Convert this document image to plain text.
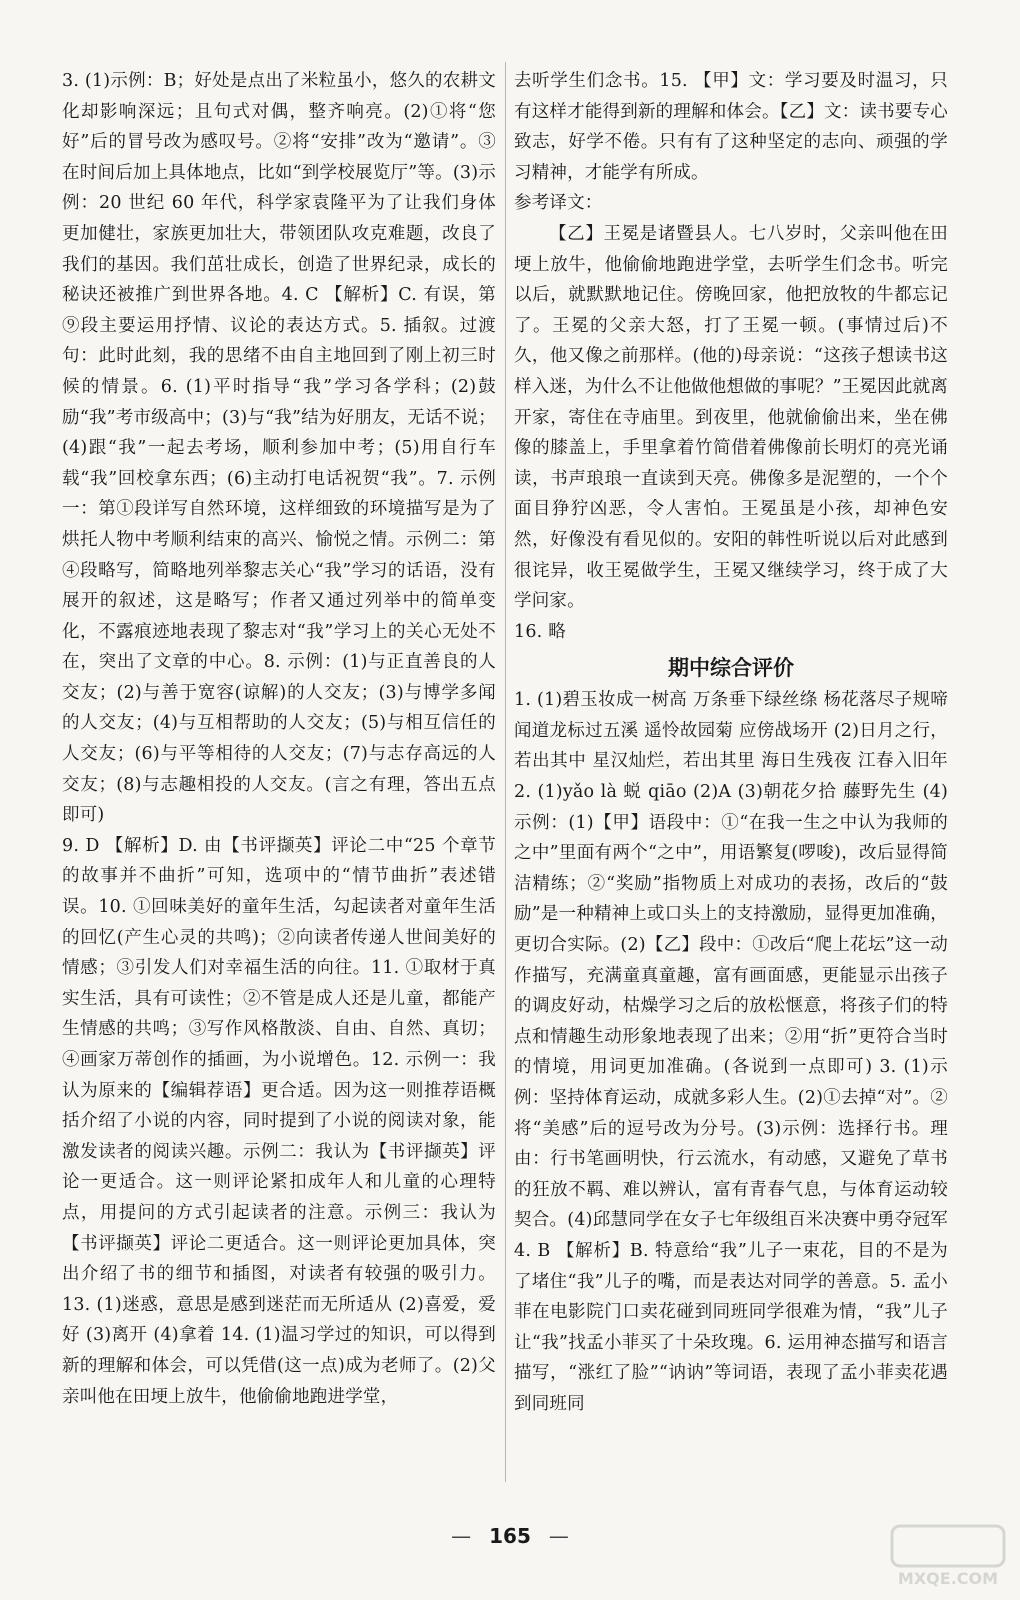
3. (1)示例：B；好处是点出了米粒虽小，悠久的农耕文化却影响深远；且句式对偶，整齐响亮。(2)①将“您好”后的冒号改为感叹号。②将“安排”改为“邀请”。③在时间后加上具体地点，比如“到学校展览厅”等。(3)示例：20 世纪 60 年代，科学家袁隆平为了让我们身体更加健壮，家族更加壮大，带领团队攻克难题，改良了我们的基因。我们茁壮成长，创造了世界纪录，成长的秘诀还被推广到世界各地。4. C 【解析】C. 有误，第⑨段主要运用抒情、议论的表达方式。5. 插叙。过渡句：此时此刻，我的思绪不由自主地回到了刚上初三时候的情景。6. (1)平时指导“我”学习各学科；(2)鼓励“我”考市级高中；(3)与“我”结为好朋友，无话不说；(4)跟“我”一起去考场，顺利参加中考；(5)用自行车载“我”回校拿东西；(6)主动打电话祝贺“我”。7. 示例一：第①段详写自然环境，这样细致的环境描写是为了烘托人物中考顺利结束的高兴、愉悦之情。示例二：第④段略写，简略地列举黎志关心“我”学习的话语，没有展开的叙述，这是略写；作者又通过列举中的简单变化，不露痕迹地表现了黎志对“我”学习上的关心无处不在，突出了文章的中心。8. 示例：(1)与正直善良的人交友；(2)与善于宽容(谅解)的人交友；(3)与博学多闻的人交友；(4)与互相帮助的人交友；(5)与相互信任的人交友；(6)与平等相待的人交友；(7)与志存高远的人交友；(8)与志趣相投的人交友。(言之有理，答出五点即可)

9. D 【解析】D. 由【书评撷英】评论二中“25 个章节的故事并不曲折”可知，选项中的“情节曲折”表述错误。10. ①回味美好的童年生活，勾起读者对童年生活的回忆(产生心灵的共鸣)；②向读者传递人世间美好的情感；③引发人们对幸福生活的向往。11. ①取材于真实生活，具有可读性；②不管是成人还是儿童，都能产生情感的共鸣；③写作风格散淡、自由、自然、真切；④画家万蒂创作的插画，为小说增色。12. 示例一：我认为原来的【编辑荐语】更合适。因为这一则推荐语概括介绍了小说的内容，同时提到了小说的阅读对象，能激发读者的阅读兴趣。示例二：我认为【书评撷英】评论一更适合。这一则评论紧扣成年人和儿童的心理特点，用提问的方式引起读者的注意。示例三：我认为【书评撷英】评论二更适合。这一则评论更加具体，突出介绍了书的细节和插图，对读者有较强的吸引力。13. (1)迷惑，意思是感到迷茫而无所适从 (2)喜爱，爱好 (3)离开 (4)拿着 14. (1)温习学过的知识，可以得到新的理解和体会，可以凭借(这一点)成为老师了。(2)父亲叫他在田埂上放牛，他偷偷地跑进学堂，

去听学生们念书。15. 【甲】文：学习要及时温习，只有这样才能得到新的理解和体会。【乙】文：读书要专心致志，好学不倦。只有有了这种坚定的志向、顽强的学习精神，才能学有所成。

参考译文：

【乙】王冕是诸暨县人。七八岁时，父亲叫他在田埂上放牛，他偷偷地跑进学堂，去听学生们念书。听完以后，就默默地记住。傍晚回家，他把放牧的牛都忘记了。王冕的父亲大怒，打了王冕一顿。(事情过后)不久，他又像之前那样。(他的)母亲说：“这孩子想读书这样入迷，为什么不让他做他想做的事呢？”王冕因此就离开家，寄住在寺庙里。到夜里，他就偷偷出来，坐在佛像的膝盖上，手里拿着竹简借着佛像前长明灯的亮光诵读，书声琅琅一直读到天亮。佛像多是泥塑的，一个个面目狰狞凶恶，令人害怕。王冕虽是小孩，却神色安然，好像没有看见似的。安阳的韩性听说以后对此感到很诧异，收王冕做学生，王冕又继续学习，终于成了大学问家。

16. 略

期中综合评价

1. (1)碧玉妆成一树高 万条垂下绿丝绦 杨花落尽子规啼 闻道龙标过五溪 遥怜故园菊 应傍战场开 (2)日月之行，若出其中 星汉灿烂，若出其里 海日生残夜 江春入旧年 2. (1)yǎo là 蜕 qiāo (2)A (3)朝花夕拾 藤野先生 (4)示例：(1)【甲】语段中：①“在我一生之中认为我师的之中”里面有两个“之中”，用语繁复(啰唆)，改后显得简洁精练；②“奖励”指物质上对成功的表扬，改后的“鼓励”是一种精神上或口头上的支持激励，显得更加准确，更切合实际。(2)【乙】段中：①改后“爬上花坛”这一动作描写，充满童真童趣，富有画面感，更能显示出孩子的调皮好动，枯燥学习之后的放松惬意，将孩子们的特点和情趣生动形象地表现了出来；②用“折”更符合当时的情境，用词更加准确。(各说到一点即可) 3. (1)示例：坚持体育运动，成就多彩人生。(2)①去掉“对”。②将“美感”后的逗号改为分号。(3)示例：选择行书。理由：行书笔画明快，行云流水，有动感，又避免了草书的狂放不羁、难以辨认，富有青春气息，与体育运动较契合。(4)邱慧同学在女子七年级组百米决赛中勇夺冠军 4. B 【解析】B. 特意给“我”儿子一束花，目的不是为了堵住“我”儿子的嘴，而是表达对同学的善意。5. 孟小菲在电影院门口卖花碰到同班同学很难为情，“我”儿子让“我”找孟小菲买了十朵玫瑰。6. 运用神态描写和语言描写，“涨红了脸”“讷讷”等词语，表现了孟小菲卖花遇到同班同

— 165 —
MXQE.COM
